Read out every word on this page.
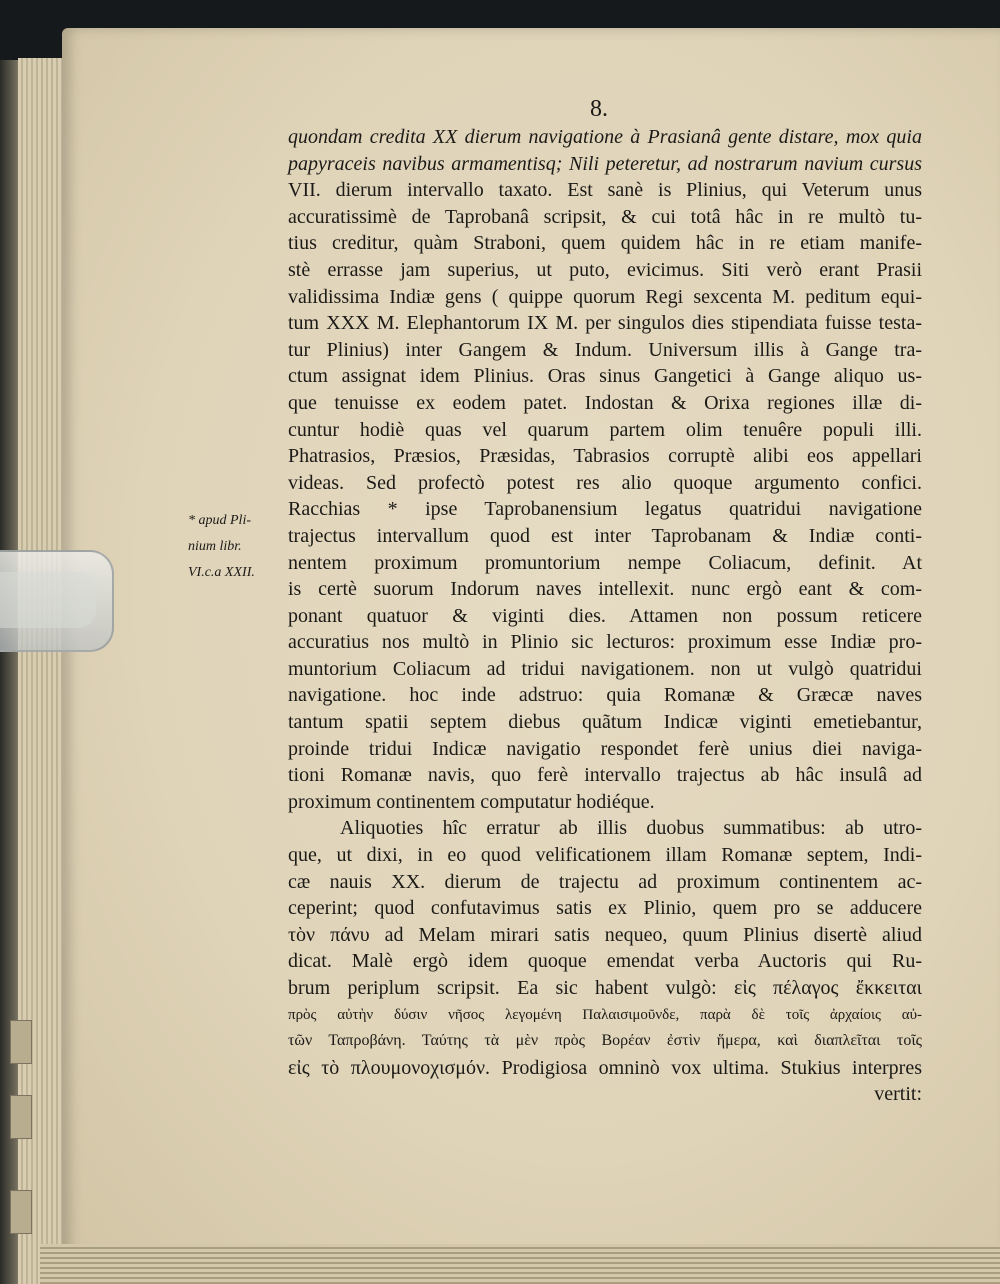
8.
* apud Pli-
nium libr.
VI.c.a XXII.
quondam credita XX dierum navigatione à Prasianâ gente distare, mox quia
papyraceis navibus armamentisq; Nili peteretur, ad nostrarum navium cursus
VII. dierum intervallo taxato. Est sanè is Plinius, qui Veterum unus
accuratissimè de Taprobanâ scripsit, & cui totâ hâc in re multò tu-
tius creditur, quàm Straboni, quem quidem hâc in re etiam manife-
stè errasse jam superius, ut puto, evicimus. Siti verò erant Prasii
validissima Indiæ gens ( quippe quorum Regi sexcenta M. peditum equi-
tum XXX M. Elephantorum IX M. per singulos dies stipendiata fuisse testa-
tur Plinius) inter Gangem & Indum. Universum illis à Gange tra-
ctum assignat idem Plinius. Oras sinus Gangetici à Gange aliquo us-
que tenuisse ex eodem patet. Indostan & Orixa regiones illæ di-
cuntur hodiè quas vel quarum partem olim tenuêre populi illi.
Phatrasios, Præsios, Præsidas, Tabrasios corruptè alibi eos appellari
videas. Sed profectò potest res alio quoque argumento confici.
Racchias * ipse Taprobanensium legatus quatridui navigatione
trajectus intervallum quod est inter Taprobanam & Indiæ conti-
nentem proximum promuntorium nempe Coliacum, definit. At
is certè suorum Indorum naves intellexit. nunc ergò eant & com-
ponant quatuor & viginti dies. Attamen non possum reticere
accuratius nos multò in Plinio sic lecturos: proximum esse Indiæ pro-
muntorium Coliacum ad tridui navigationem. non ut vulgò quatridui
navigatione. hoc inde adstruo: quia Romanæ & Græcæ naves
tantum spatii septem diebus quãtum Indicæ viginti emetiebantur,
proinde tridui Indicæ navigatio respondet ferè unius diei naviga-
tioni Romanæ navis, quo ferè intervallo trajectus ab hâc insulâ ad
proximum continentem computatur hodiéque.
Aliquoties hîc erratur ab illis duobus summatibus: ab utro-
que, ut dixi, in eo quod velificationem illam Romanæ septem, Indi-
cæ nauis XX. dierum de trajectu ad proximum continentem ac-
ceperint; quod confutavimus satis ex Plinio, quem pro se adducere
τὸν πάνυ ad Melam mirari satis nequeo, quum Plinius disertè aliud
dicat. Malè ergò idem quoque emendat verba Auctoris qui Ru-
brum periplum scripsit. Ea sic habent vulgò: εἰς πέλαγος ἔκκειται
πρὸς αὐτὴν δύσιν νῆσος λεγομένη Παλαισιμοῦνδε, παρὰ δὲ τοῖς ἀρχαίοις αὐ-
τῶν Ταπροβάνη. Ταύτης τὰ μὲν πρὸς Βορέαν ἐστὶν ἥμερα, καὶ διαπλεῖται τοῖς
εἰς τὸ πλουμονοχισμόν. Prodigiosa omninò vox ultima. Stukius interpres
vertit:
